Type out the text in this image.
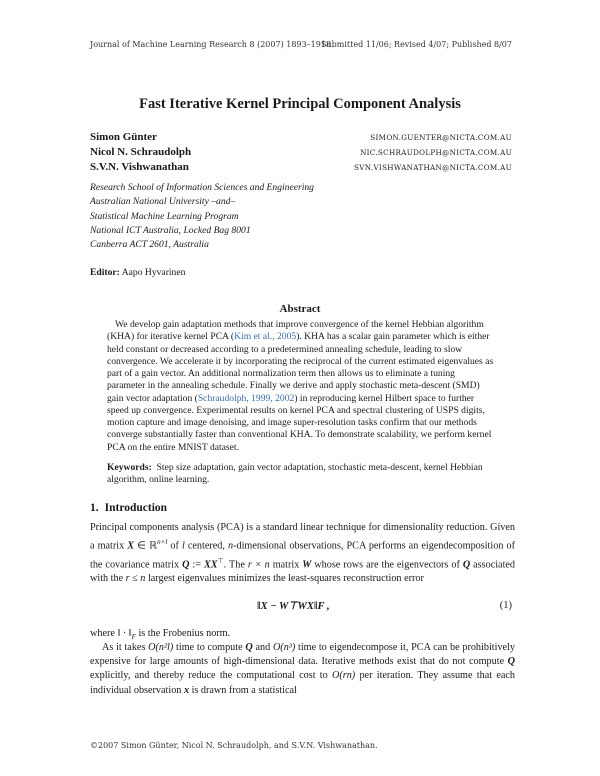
Journal of Machine Learning Research 8 (2007) 1893–1918
Submitted 11/06; Revised 4/07; Published 8/07
Fast Iterative Kernel Principal Component Analysis
Simon Günter	SIMON.GUENTER@NICTA.COM.AU
Nicol N. Schraudolph	NIC.SCHRAUDOLPH@NICTA.COM.AU
S.V.N. Vishwanathan	SVN.VISHWANATHAN@NICTA.COM.AU
Research School of Information Sciences and Engineering
Australian National University –and–
Statistical Machine Learning Program
National ICT Australia, Locked Bag 8001
Canberra ACT 2601, Australia
Editor: Aapo Hyvarinen
Abstract
We develop gain adaptation methods that improve convergence of the kernel Hebbian algorithm (KHA) for iterative kernel PCA (Kim et al., 2005). KHA has a scalar gain parameter which is either held constant or decreased according to a predetermined annealing schedule, leading to slow convergence. We accelerate it by incorporating the reciprocal of the current estimated eigenvalues as part of a gain vector. An additional normalization term then allows us to eliminate a tuning parameter in the annealing schedule. Finally we derive and apply stochastic meta-descent (SMD) gain vector adaptation (Schraudolph, 1999, 2002) in reproducing kernel Hilbert space to further speed up convergence. Experimental results on kernel PCA and spectral clustering of USPS digits, motion capture and image denoising, and image super-resolution tasks confirm that our methods converge substantially faster than conventional KHA. To demonstrate scalability, we perform kernel PCA on the entire MNIST dataset.
Keywords: Step size adaptation, gain vector adaptation, stochastic meta-descent, kernel Hebbian algorithm, online learning.
1. Introduction
Principal components analysis (PCA) is a standard linear technique for dimensionality reduction. Given a matrix X ∈ ℝ$^{n\times l}$ of l centered, n-dimensional observations, PCA performs an eigendecomposition of the covariance matrix Q := XX⊤. The r × n matrix W whose rows are the eigenvectors of Q associated with the r ≤ n largest eigenvalues minimizes the least-squares reconstruction error
‖X − W⊤WX‖F ,	(1)
where ‖ · $‖_F$ is the Frobenius norm.
As it takes O(n²l) time to compute Q and O(n³) time to eigendecompose it, PCA can be prohibitively expensive for large amounts of high-dimensional data. Iterative methods exist that do not compute Q explicitly, and thereby reduce the computational cost to O(rn) per iteration. They assume that each individual observation x is drawn from a statistical
©2007 Simon Günter, Nicol N. Schraudolph, and S.V.N. Vishwanathan.
